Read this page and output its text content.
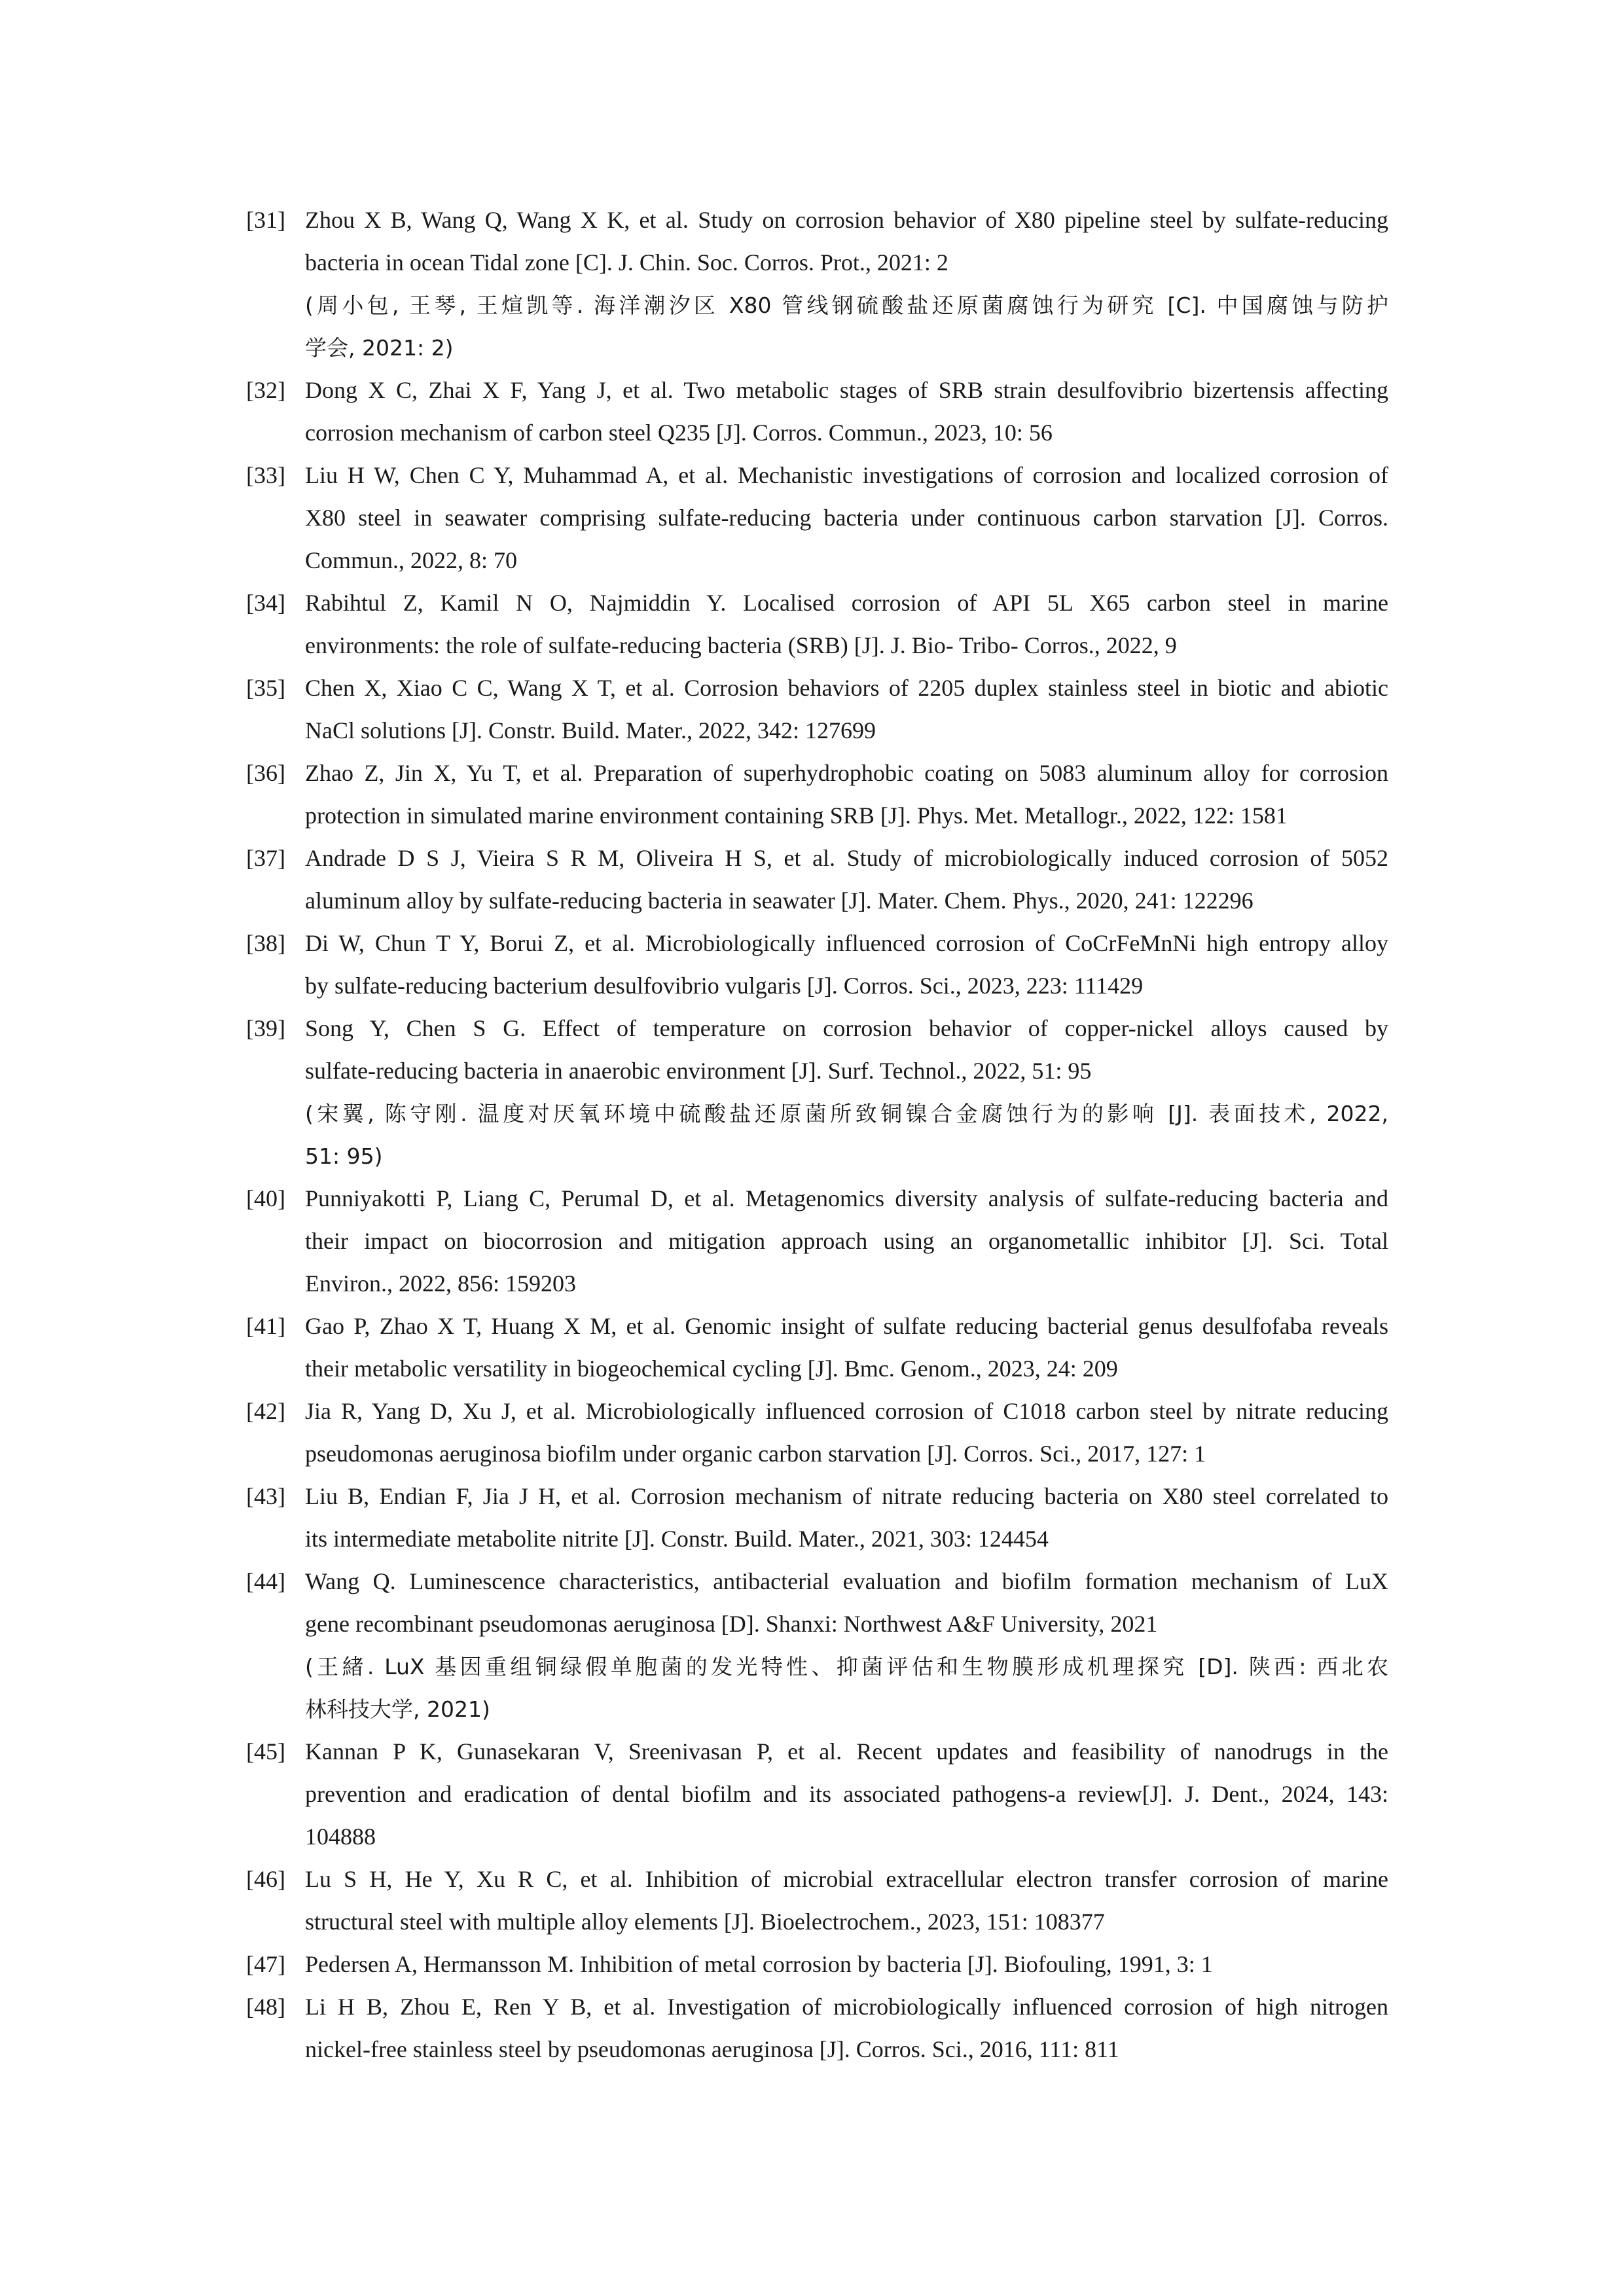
[31] Zhou X B, Wang Q, Wang X K, et al. Study on corrosion behavior of X80 pipeline steel by sulfate-reducing
bacteria in ocean Tidal zone [C]. J. Chin. Soc. Corros. Prot., 2021: 2
(周小包, 王琴, 王煊凯等. 海洋潮汐区 X80 管线钢硫酸盐还原菌腐蚀行为研究 [C]. 中国腐蚀与防护
学会, 2021: 2)
[32] Dong X C, Zhai X F, Yang J, et al. Two metabolic stages of SRB strain desulfovibrio bizertensis affecting
corrosion mechanism of carbon steel Q235 [J]. Corros. Commun., 2023, 10: 56
[33] Liu H W, Chen C Y, Muhammad A, et al. Mechanistic investigations of corrosion and localized corrosion of
X80 steel in seawater comprising sulfate-reducing bacteria under continuous carbon starvation [J]. Corros.
Commun., 2022, 8: 70
[34] Rabihtul Z, Kamil N O, Najmiddin Y. Localised corrosion of API 5L X65 carbon steel in marine
environments: the role of sulfate-reducing bacteria (SRB) [J]. J. Bio- Tribo- Corros., 2022, 9
[35] Chen X, Xiao C C, Wang X T, et al. Corrosion behaviors of 2205 duplex stainless steel in biotic and abiotic
NaCl solutions [J]. Constr. Build. Mater., 2022, 342: 127699
[36] Zhao Z, Jin X, Yu T, et al. Preparation of superhydrophobic coating on 5083 aluminum alloy for corrosion
protection in simulated marine environment containing SRB [J]. Phys. Met. Metallogr., 2022, 122: 1581
[37] Andrade D S J, Vieira S R M, Oliveira H S, et al. Study of microbiologically induced corrosion of 5052
aluminum alloy by sulfate-reducing bacteria in seawater [J]. Mater. Chem. Phys., 2020, 241: 122296
[38] Di W, Chun T Y, Borui Z, et al. Microbiologically influenced corrosion of CoCrFeMnNi high entropy alloy
by sulfate-reducing bacterium desulfovibrio vulgaris [J]. Corros. Sci., 2023, 223: 111429
[39] Song Y, Chen S G. Effect of temperature on corrosion behavior of copper-nickel alloys caused by
sulfate-reducing bacteria in anaerobic environment [J]. Surf. Technol., 2022, 51: 95
(宋翼, 陈守刚. 温度对厌氧环境中硫酸盐还原菌所致铜镍合金腐蚀行为的影响 [J]. 表面技术, 2022,
51: 95)
[40] Punniyakotti P, Liang C, Perumal D, et al. Metagenomics diversity analysis of sulfate-reducing bacteria and
their impact on biocorrosion and mitigation approach using an organometallic inhibitor [J]. Sci. Total
Environ., 2022, 856: 159203
[41] Gao P, Zhao X T, Huang X M, et al. Genomic insight of sulfate reducing bacterial genus desulfofaba reveals
their metabolic versatility in biogeochemical cycling [J]. Bmc. Genom., 2023, 24: 209
[42] Jia R, Yang D, Xu J, et al. Microbiologically influenced corrosion of C1018 carbon steel by nitrate reducing
pseudomonas aeruginosa biofilm under organic carbon starvation [J]. Corros. Sci., 2017, 127: 1
[43] Liu B, Endian F, Jia J H, et al. Corrosion mechanism of nitrate reducing bacteria on X80 steel correlated to
its intermediate metabolite nitrite [J]. Constr. Build. Mater., 2021, 303: 124454
[44] Wang Q. Luminescence characteristics, antibacterial evaluation and biofilm formation mechanism of LuX
gene recombinant pseudomonas aeruginosa [D]. Shanxi: Northwest A&F University, 2021
(王緒. LuX 基因重组铜绿假单胞菌的发光特性、抑菌评估和生物膜形成机理探究 [D]. 陕西: 西北农
林科技大学, 2021)
[45] Kannan P K, Gunasekaran V, Sreenivasan P, et al. Recent updates and feasibility of nanodrugs in the
prevention and eradication of dental biofilm and its associated pathogens-a review[J]. J. Dent., 2024, 143:
104888
[46] Lu S H, He Y, Xu R C, et al. Inhibition of microbial extracellular electron transfer corrosion of marine
structural steel with multiple alloy elements [J]. Bioelectrochem., 2023, 151: 108377
[47] Pedersen A, Hermansson M. Inhibition of metal corrosion by bacteria [J]. Biofouling, 1991, 3: 1
[48] Li H B, Zhou E, Ren Y B, et al. Investigation of microbiologically influenced corrosion of high nitrogen
nickel-free stainless steel by pseudomonas aeruginosa [J]. Corros. Sci., 2016, 111: 811
